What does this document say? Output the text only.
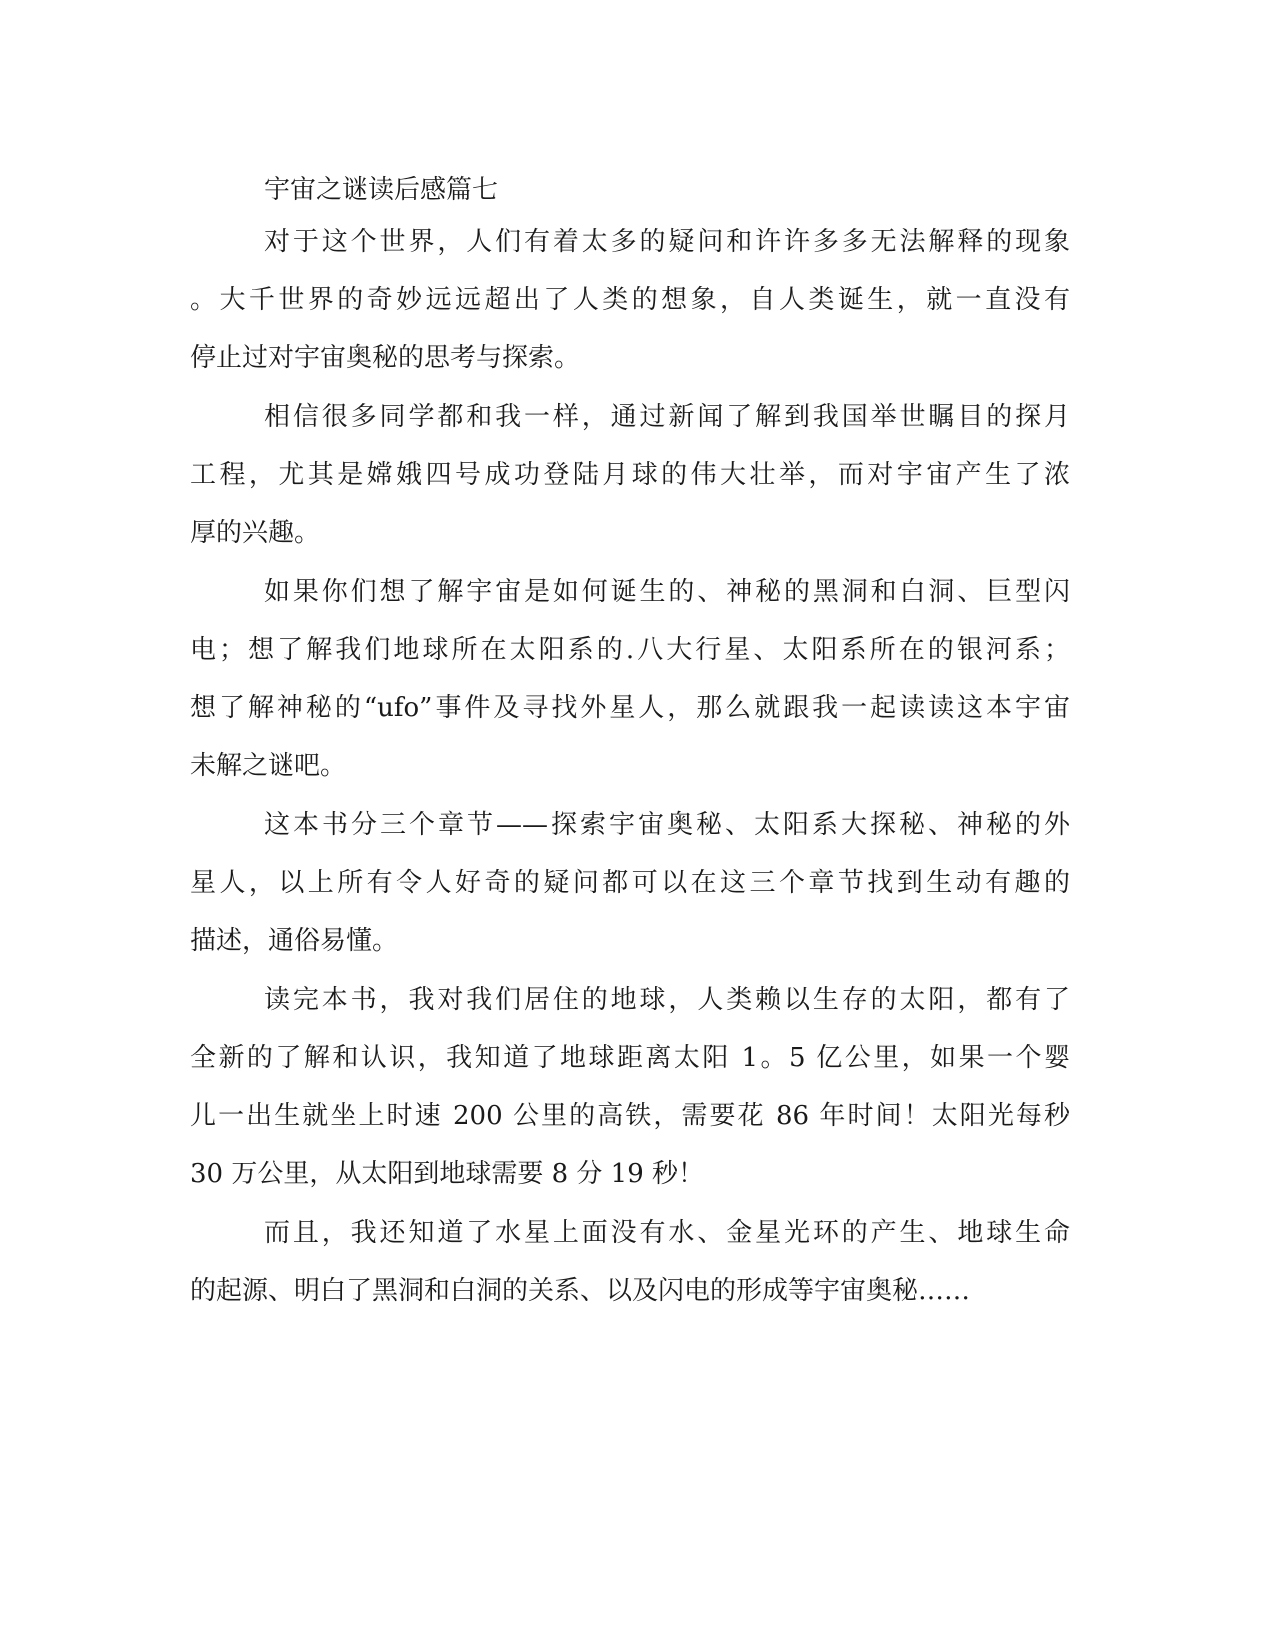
宇宙之谜读后感篇七
对于这个世界，人们有着太多的疑问和许许多多无法解释的现象
。大千世界的奇妙远远超出了人类的想象，自人类诞生，就一直没有
停止过对宇宙奥秘的思考与探索。
相信很多同学都和我一样，通过新闻了解到我国举世瞩目的探月
工程，尤其是嫦娥四号成功登陆月球的伟大壮举，而对宇宙产生了浓
厚的兴趣。
如果你们想了解宇宙是如何诞生的、神秘的黑洞和白洞、巨型闪
电；想了解我们地球所在太阳系的.八大行星、太阳系所在的银河系；
想了解神秘的“ufo”事件及寻找外星人，那么就跟我一起读读这本宇宙
未解之谜吧。
这本书分三个章节——探索宇宙奥秘、太阳系大探秘、神秘的外
星人，以上所有令人好奇的疑问都可以在这三个章节找到生动有趣的
描述，通俗易懂。
读完本书，我对我们居住的地球，人类赖以生存的太阳，都有了
全新的了解和认识，我知道了地球距离太阳 1。5 亿公里，如果一个婴
儿一出生就坐上时速 200 公里的高铁，需要花 86 年时间！太阳光每秒
30 万公里，从太阳到地球需要 8 分 19 秒！
而且，我还知道了水星上面没有水、金星光环的产生、地球生命
的起源、明白了黑洞和白洞的关系、以及闪电的形成等宇宙奥秘……
